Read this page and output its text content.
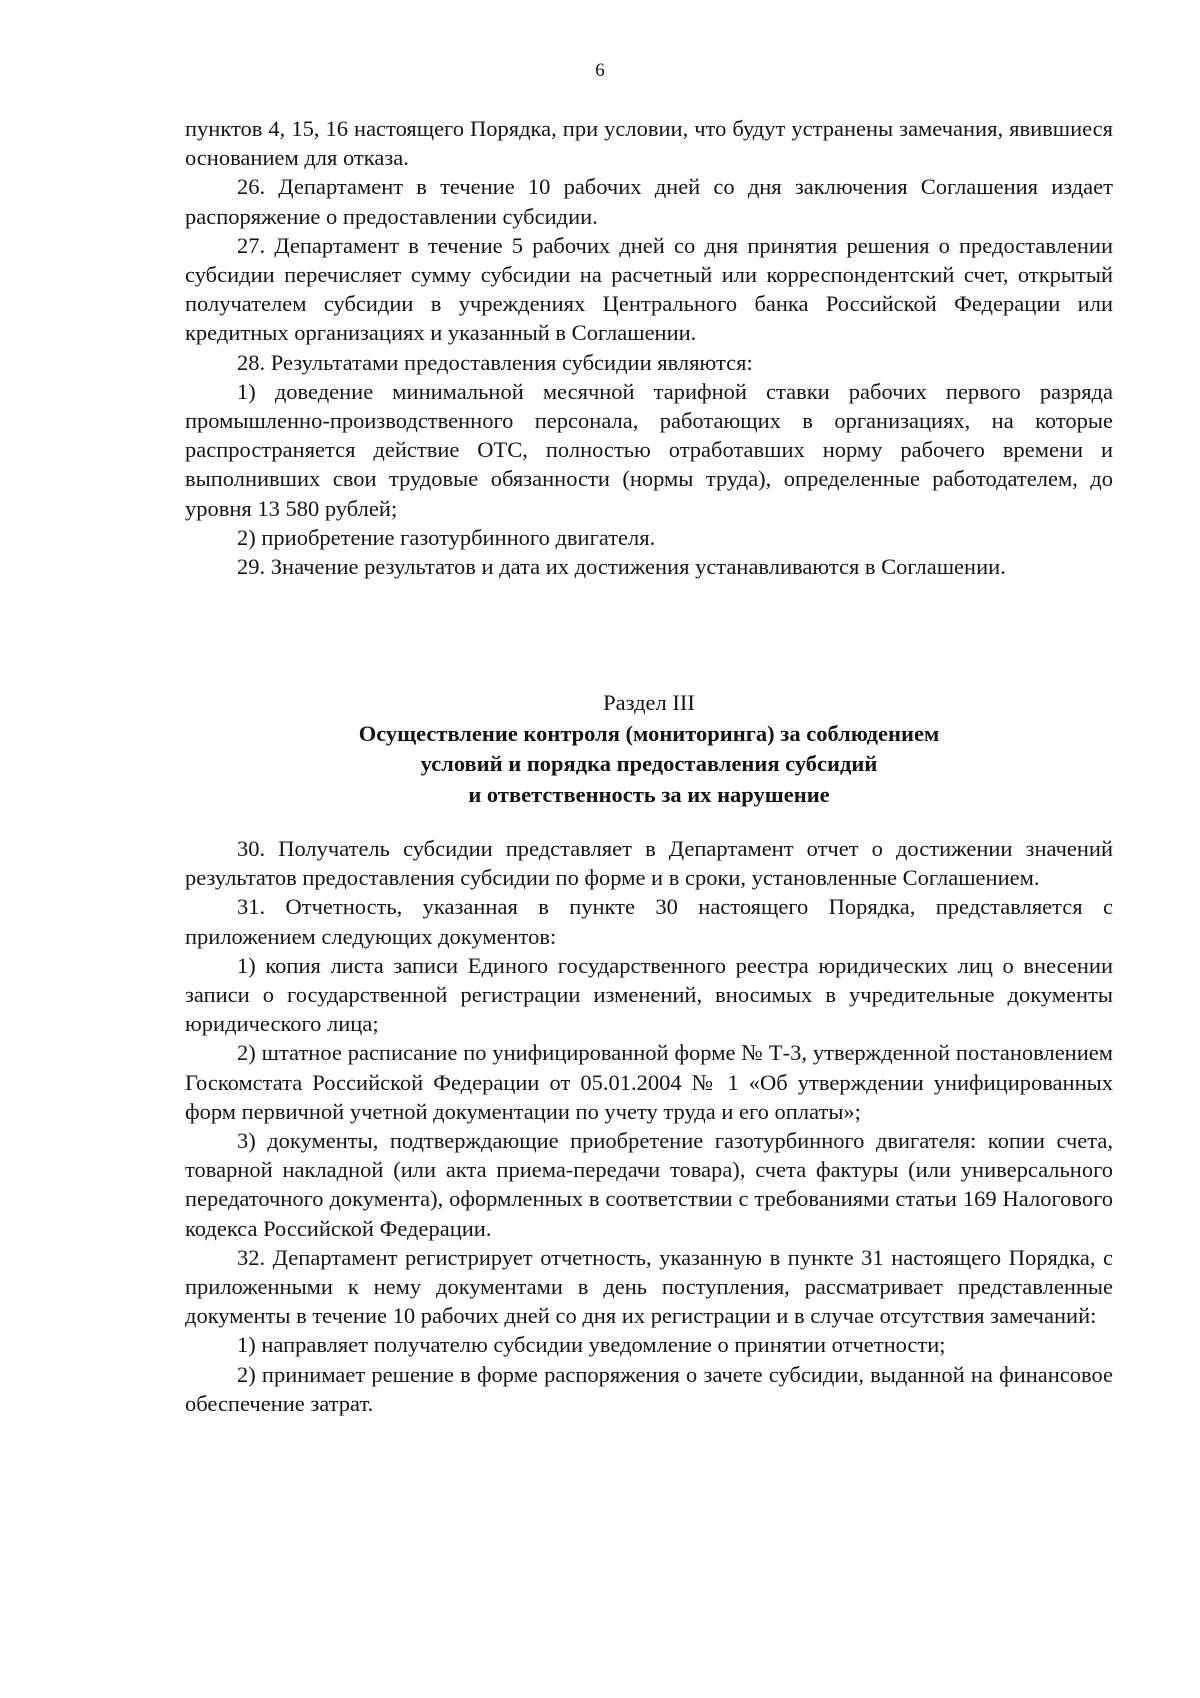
6

пунктов 4, 15, 16 настоящего Порядка, при условии, что будут устранены замечания, явившиеся основанием для отказа.

26. Департамент в течение 10 рабочих дней со дня заключения Соглашения издает распоряжение о предоставлении субсидии.

27. Департамент в течение 5 рабочих дней со дня принятия решения о предоставлении субсидии перечисляет сумму субсидии на расчетный или корреспондентский счет, открытый получателем субсидии в учреждениях Центрального банка Российской Федерации или кредитных организациях и указанный в Соглашении.

28. Результатами предоставления субсидии являются:

1) доведение минимальной месячной тарифной ставки рабочих первого разряда промышленно-производственного персонала, работающих в организациях, на которые распространяется действие ОТС, полностью отработавших норму рабочего времени и выполнивших свои трудовые обязанности (нормы труда), определенные работодателем, до уровня 13 580 рублей;

2) приобретение газотурбинного двигателя.

29. Значение результатов и дата их достижения устанавливаются в Соглашении.

Раздел III
Осуществление контроля (мониторинга) за соблюдением
условий и порядка предоставления субсидий
и ответственность за их нарушение

30. Получатель субсидии представляет в Департамент отчет о достижении значений результатов предоставления субсидии по форме и в сроки, установленные Соглашением.

31. Отчетность, указанная в пункте 30 настоящего Порядка, представляется с приложением следующих документов:

1) копия листа записи Единого государственного реестра юридических лиц о внесении записи о государственной регистрации изменений, вносимых в учредительные документы юридического лица;

2) штатное расписание по унифицированной форме № Т-3, утвержденной постановлением Госкомстата Российской Федерации от 05.01.2004 № 1 «Об утверждении унифицированных форм первичной учетной документации по учету труда и его оплаты»;

3) документы, подтверждающие приобретение газотурбинного двигателя: копии счета, товарной накладной (или акта приема-передачи товара), счета фактуры (или универсального передаточного документа), оформленных в соответствии с требованиями статьи 169 Налогового кодекса Российской Федерации.

32. Департамент регистрирует отчетность, указанную в пункте 31 настоящего Порядка, с приложенными к нему документами в день поступления, рассматривает представленные документы в течение 10 рабочих дней со дня их регистрации и в случае отсутствия замечаний:

1) направляет получателю субсидии уведомление о принятии отчетности;

2) принимает решение в форме распоряжения о зачете субсидии, выданной на финансовое обеспечение затрат.
